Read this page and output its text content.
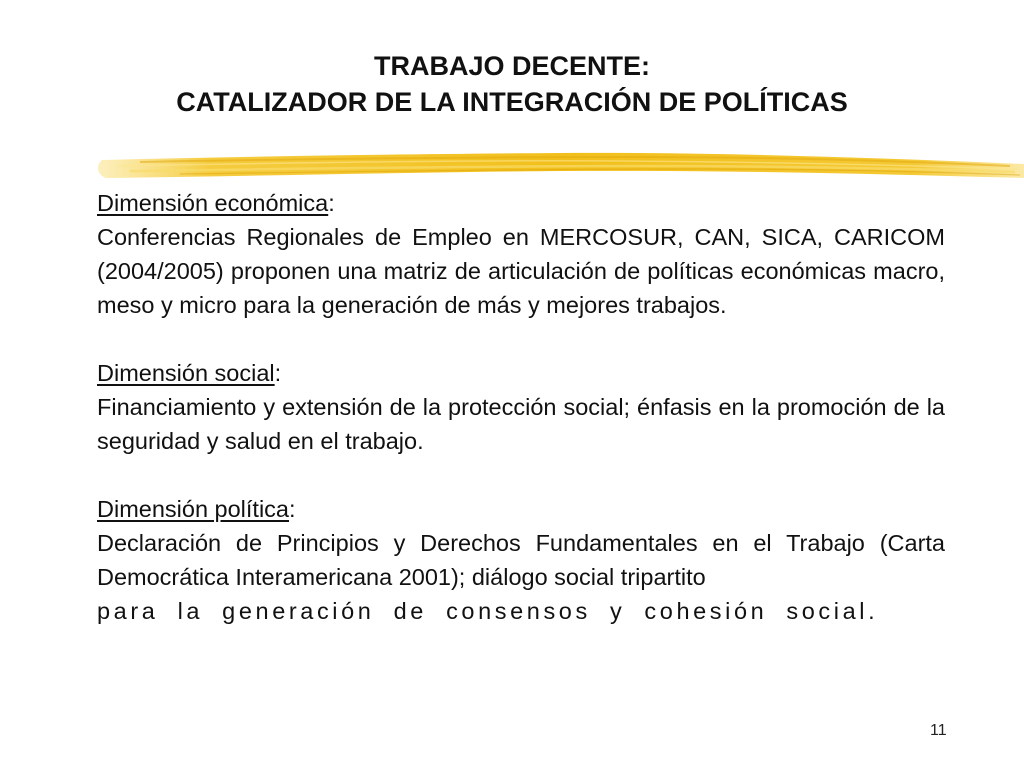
TRABAJO DECENTE:
CATALIZADOR DE LA INTEGRACIÓN DE POLÍTICAS
Dimensión económica:
Conferencias Regionales de Empleo en MERCOSUR, CAN, SICA, CARICOM (2004/2005) proponen una matriz de articulación de políticas económicas macro, meso y micro para la generación de más y mejores trabajos.
Dimensión social:
Financiamiento y extensión de la protección social; énfasis en la promoción de la seguridad y salud en el trabajo.
Dimensión política:
Declaración de Principios y Derechos Fundamentales en el Trabajo (Carta Democrática Interamericana 2001); diálogo social tripartito
para la generación de consensos y cohesión social.
11
